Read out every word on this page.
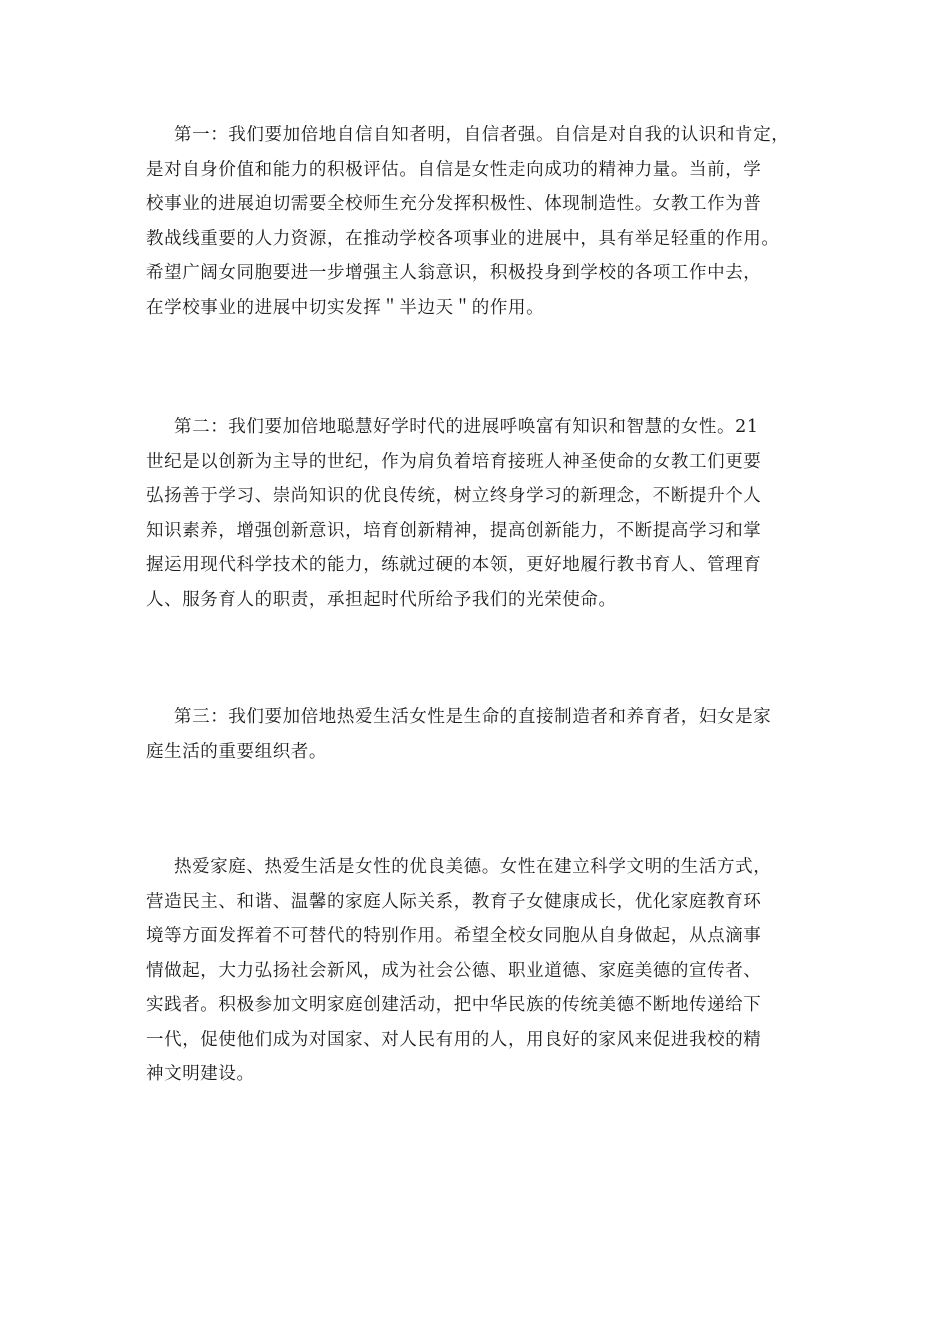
第一：我们要加倍地自信自知者明，自信者强。自信是对自我的认识和肯定，
是对自身价值和能力的积极评估。自信是女性走向成功的精神力量。当前，学
校事业的进展迫切需要全校师生充分发挥积极性、体现制造性。女教工作为普
教战线重要的人力资源，在推动学校各项事业的进展中，具有举足轻重的作用。
希望广阔女同胞要进一步增强主人翁意识，积极投身到学校的各项工作中去，
在学校事业的进展中切实发挥＂半边天＂的作用。
第二：我们要加倍地聪慧好学时代的进展呼唤富有知识和智慧的女性。21
世纪是以创新为主导的世纪，作为肩负着培育接班人神圣使命的女教工们更要
弘扬善于学习、崇尚知识的优良传统，树立终身学习的新理念，不断提升个人
知识素养，增强创新意识，培育创新精神，提高创新能力，不断提高学习和掌
握运用现代科学技术的能力，练就过硬的本领，更好地履行教书育人、管理育
人、服务育人的职责，承担起时代所给予我们的光荣使命。
第三：我们要加倍地热爱生活女性是生命的直接制造者和养育者，妇女是家
庭生活的重要组织者。
热爱家庭、热爱生活是女性的优良美德。女性在建立科学文明的生活方式，
营造民主、和谐、温馨的家庭人际关系，教育子女健康成长，优化家庭教育环
境等方面发挥着不可替代的特别作用。希望全校女同胞从自身做起，从点滴事
情做起，大力弘扬社会新风，成为社会公德、职业道德、家庭美德的宣传者、
实践者。积极参加文明家庭创建活动，把中华民族的传统美德不断地传递给下
一代，促使他们成为对国家、对人民有用的人，用良好的家风来促进我校的精
神文明建设。
